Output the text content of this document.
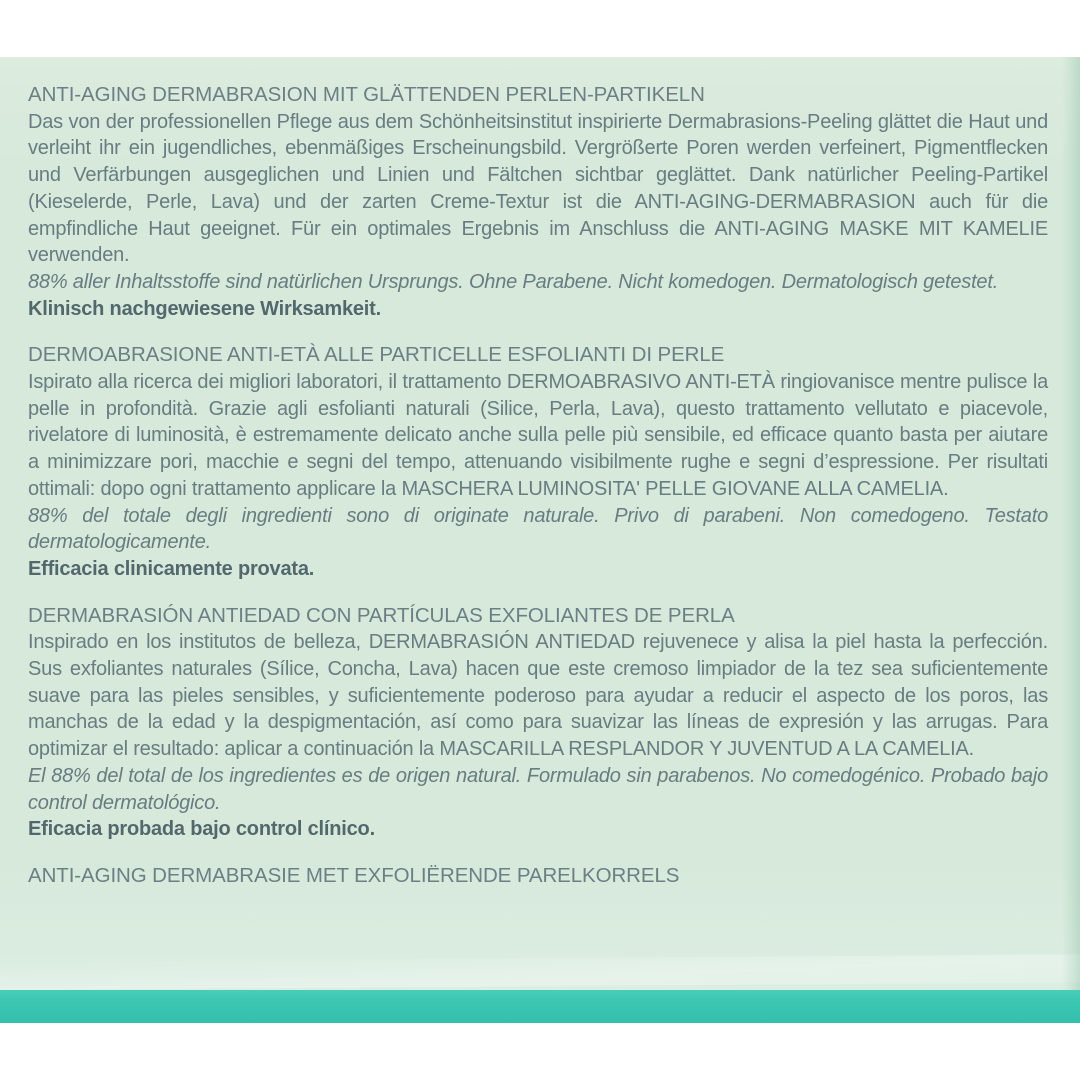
ANTI-AGING DERMABRASION MIT GLÄTTENDEN PERLEN-PARTIKELN

Das von der professionellen Pflege aus dem Schönheitsinstitut inspirierte Dermabrasions-Peeling glättet die Haut und verleiht ihr ein jugendliches, ebenmäßiges Erscheinungsbild. Vergrößerte Poren werden verfeinert, Pigmentflecken und Verfärbungen ausgeglichen und Linien und Fältchen sichtbar geglättet. Dank natürlicher Peeling-Partikel (Kieselerde, Perle, Lava) und der zarten Creme-Textur ist die ANTI-AGING-DERMABRASION auch für die empfindliche Haut geeignet. Für ein optimales Ergebnis im Anschluss die ANTI-AGING MASKE MIT KAMELIE verwenden.

88% aller Inhaltsstoffe sind natürlichen Ursprungs. Ohne Parabene. Nicht komedogen. Dermatologisch getestet.

Klinisch nachgewiesene Wirksamkeit.

DERMOABRASIONE ANTI-ETÀ ALLE PARTICELLE ESFOLIANTI DI PERLE

Ispirato alla ricerca dei migliori laboratori, il trattamento DERMOABRASIVO ANTI-ETÀ ringiovanisce mentre pulisce la pelle in profondità. Grazie agli esfolianti naturali (Silice, Perla, Lava), questo trattamento vellutato e piacevole, rivelatore di luminosità, è estremamente delicato anche sulla pelle più sensibile, ed efficace quanto basta per aiutare a minimizzare pori, macchie e segni del tempo, attenuando visibilmente rughe e segni d’espressione. Per risultati ottimali: dopo ogni trattamento applicare la MASCHERA LUMINOSITA' PELLE GIOVANE ALLA CAMELIA.

88% del totale degli ingredienti sono di originate naturale. Privo di parabeni. Non comedogeno. Testato dermatologicamente.

Efficacia clinicamente provata.

DERMABRASIÓN ANTIEDAD CON PARTÍCULAS EXFOLIANTES DE PERLA

Inspirado en los institutos de belleza, DERMABRASIÓN ANTIEDAD rejuvenece y alisa la piel hasta la perfección. Sus exfoliantes naturales (Sílice, Concha, Lava) hacen que este cremoso limpiador de la tez sea suficientemente suave para las pieles sensibles, y suficientemente poderoso para ayudar a reducir el aspecto de los poros, las manchas de la edad y la despigmentación, así como para suavizar las líneas de expresión y las arrugas. Para optimizar el resultado: aplicar a continuación la MASCARILLA RESPLANDOR Y JUVENTUD A LA CAMELIA.

El 88% del total de los ingredientes es de origen natural. Formulado sin parabenos. No comedogénico. Probado bajo control dermatológico.

Eficacia probada bajo control clínico.

ANTI-AGING DERMABRASIE MET EXFOLIËRENDE PARELKORRELS
